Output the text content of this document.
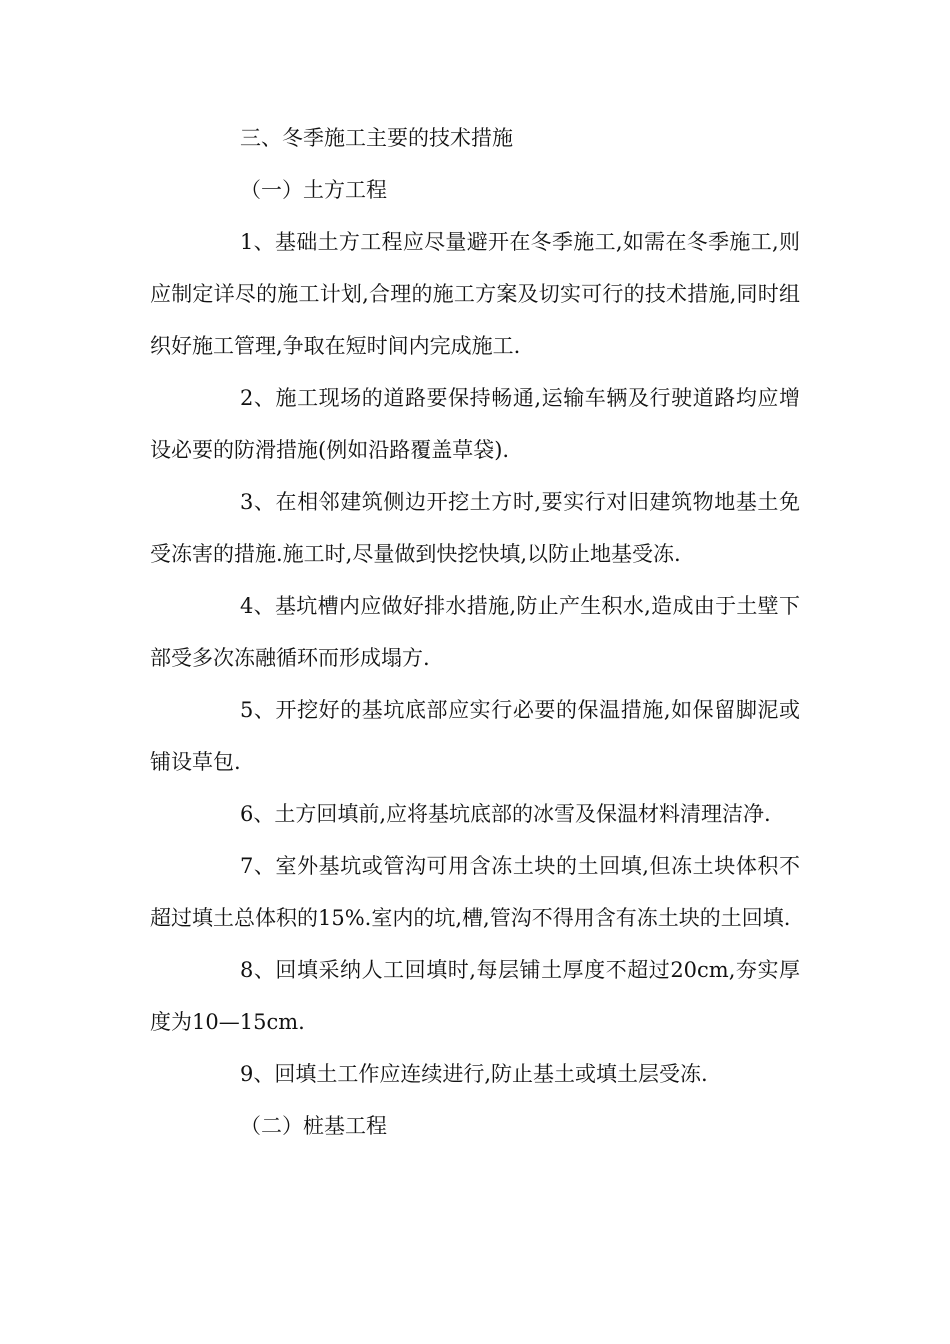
三、冬季施工主要的技术措施

（一）土方工程

1、基础土方工程应尽量避开在冬季施工,如需在冬季施工,则应制定详尽的施工计划,合理的施工方案及切实可行的技术措施,同时组织好施工管理,争取在短时间内完成施工.

2、施工现场的道路要保持畅通,运输车辆及行驶道路均应增设必要的防滑措施(例如沿路覆盖草袋).

3、在相邻建筑侧边开挖土方时,要实行对旧建筑物地基土免受冻害的措施.施工时,尽量做到快挖快填,以防止地基受冻.

4、基坑槽内应做好排水措施,防止产生积水,造成由于土壁下部受多次冻融循环而形成塌方.

5、开挖好的基坑底部应实行必要的保温措施,如保留脚泥或铺设草包.

6、土方回填前,应将基坑底部的冰雪及保温材料清理洁净.

7、室外基坑或管沟可用含冻土块的土回填,但冻土块体积不超过填土总体积的15%.室内的坑,槽,管沟不得用含有冻土块的土回填.

8、回填采纳人工回填时,每层铺土厚度不超过20cm,夯实厚度为10—15cm.

9、回填土工作应连续进行,防止基土或填土层受冻.

（二）桩基工程
